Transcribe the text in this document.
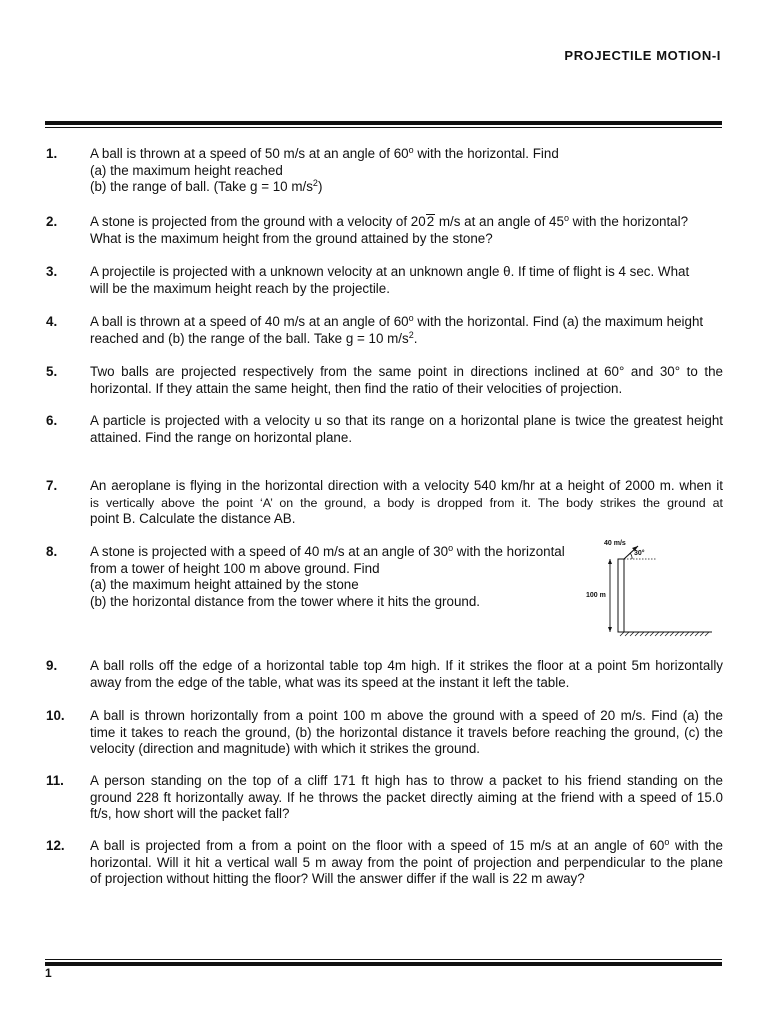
PROJECTILE MOTION-I
1. A ball is thrown at a speed of 50 m/s at an angle of 60$^o$ with the horizontal. Find
(a) the maximum height reached
(b) the range of ball. (Take g = 10 $m/s^2$)
2. A stone is projected from the ground with a velocity of 202 m/s at an angle of 45$^o$ with the horizontal?
What is the maximum height from the ground attained by the stone?
3. A projectile is projected with a unknown velocity at an unknown angle θ. If time of flight is 4 sec. What
will be the maximum height reach by the projectile.
4. A ball is thrown at a speed of 40 m/s at an angle of 60$^o$ with the horizontal. Find (a) the maximum height
reached and (b) the range of the ball. Take g = 10 $m/s^2$.
5. Two balls are projected respectively from the same point in directions inclined at 60° and 30° to the
horizontal. If they attain the same height, then find the ratio of their velocities of projection.
6. A particle is projected with a velocity u so that its range on a horizontal plane is twice the greatest height
attained. Find the range on horizontal plane.
7. An aeroplane is flying in the horizontal direction with a velocity 540 km/hr at a height of 2000 m. when it
is vertically above the point ‘A’ on the ground, a body is dropped from it. The body strikes the ground at
point B. Calculate the distance AB.
8. A stone is projected with a speed of 40 m/s at an angle of 30$^o$ with the horizontal
from a tower of height 100 m above ground. Find
(a) the maximum height attained by the stone
(b) the horizontal distance from the tower where it hits the ground.
40 m/s
30°
100 m
9. A ball rolls off the edge of a horizontal table top 4m high. If it strikes the floor at a point 5m horizontally
away from the edge of the table, what was its speed at the instant it left the table.
10. A ball is thrown horizontally from a point 100 m above the ground with a speed of 20 m/s. Find (a) the
time it takes to reach the ground, (b) the horizontal distance it travels before reaching the ground, (c) the
velocity (direction and magnitude) with which it strikes the ground.
11. A person standing on the top of a cliff 171 ft high has to throw a packet to his friend standing on the
ground 228 ft horizontally away. If he throws the packet directly aiming at the friend with a speed of 15.0
ft/s, how short will the packet fall?
12. A ball is projected from a from a point on the floor with a speed of 15 m/s at an angle of 60$^o$ with the
horizontal. Will it hit a vertical wall 5 m away from the point of projection and perpendicular to the plane
of projection without hitting the floor? Will the answer differ if the wall is 22 m away?
1
